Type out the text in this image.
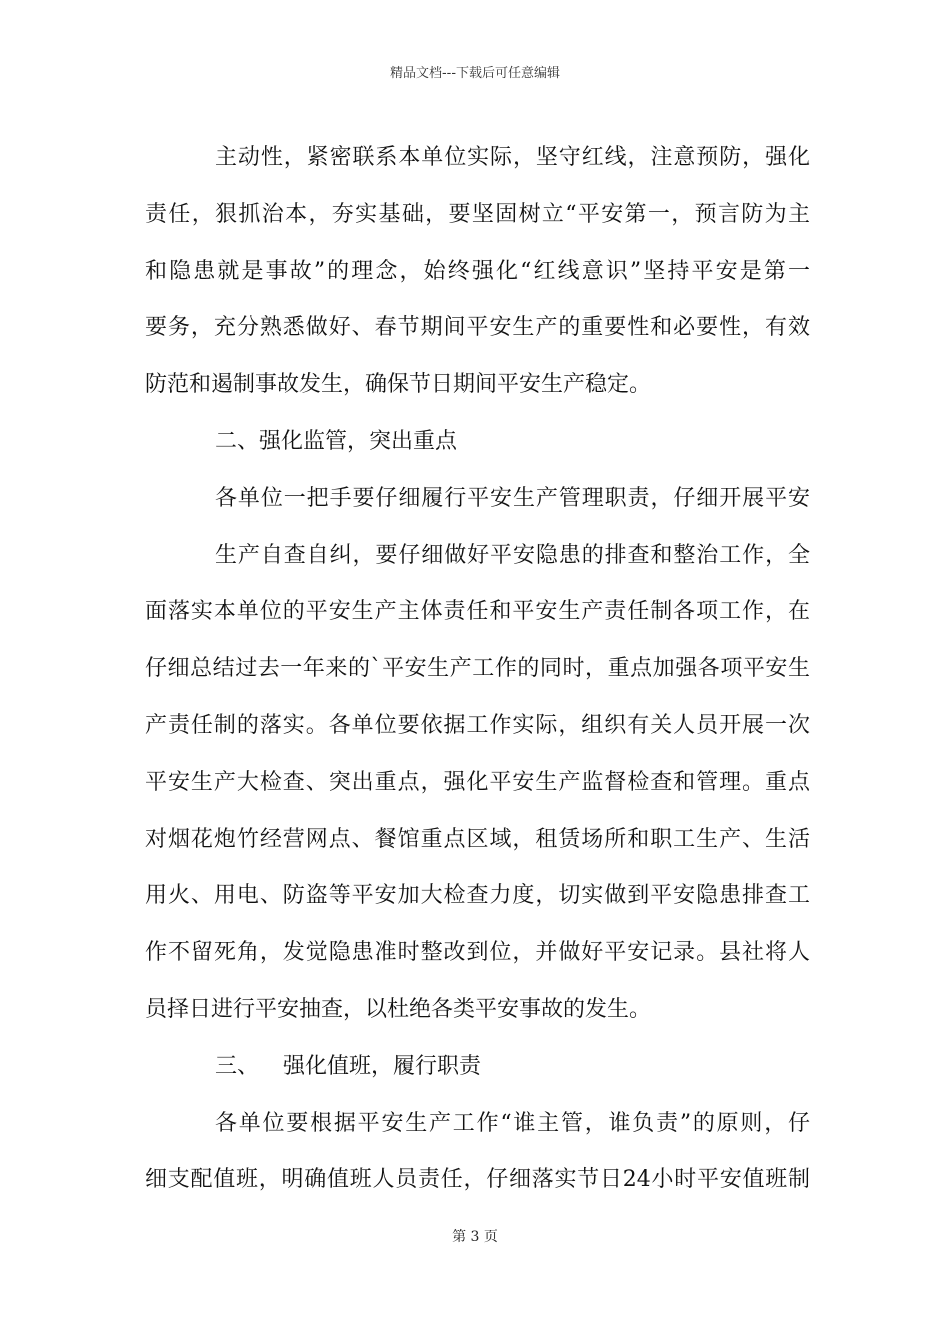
精品文档---下载后可任意编辑
主动性，紧密联系本单位实际，坚守红线，注意预防，强化
责任，狠抓治本，夯实基础，要坚固树立“平安第一，预言防为主
和隐患就是事故”的理念，始终强化“红线意识”坚持平安是第一
要务，充分熟悉做好、春节期间平安生产的重要性和必要性，有效
防范和遏制事故发生，确保节日期间平安生产稳定。
二、强化监管，突出重点
各单位一把手要仔细履行平安生产管理职责，仔细开展平安
生产自查自纠，要仔细做好平安隐患的排查和整治工作，全
面落实本单位的平安生产主体责任和平安生产责任制各项工作，在
仔细总结过去一年来的`平安生产工作的同时，重点加强各项平安生
产责任制的落实。各单位要依据工作实际，组织有关人员开展一次
平安生产大检查、突出重点，强化平安生产监督检查和管理。重点
对烟花炮竹经营网点、餐馆重点区域，租赁场所和职工生产、生活
用火、用电、防盗等平安加大检查力度，切实做到平安隐患排查工
作不留死角，发觉隐患准时整改到位，并做好平安记录。县社将人
员择日进行平安抽查，以杜绝各类平安事故的发生。
三、 强化值班，履行职责
各单位要根据平安生产工作“谁主管，谁负责”的原则，仔
细支配值班，明确值班人员责任，仔细落实节日24小时平安值班制
第 3 页
